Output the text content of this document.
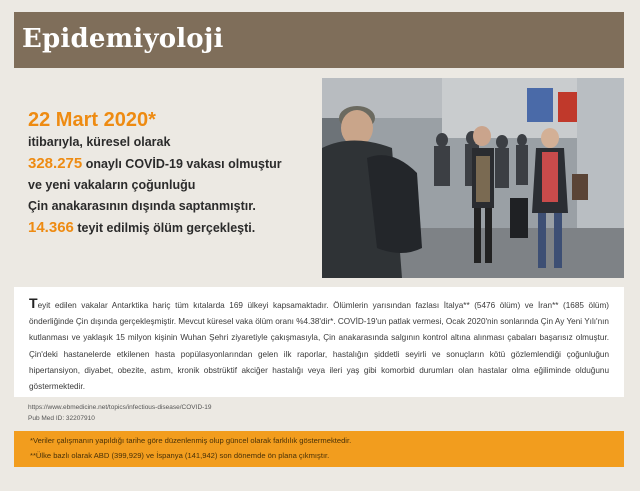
Epidemiyoloji
22 Mart 2020*
itibarıyla, küresel olarak
328.275 onaylı COVİD-19 vakası olmuştur
ve yeni vakaların çoğunluğu
Çin anakarasının dışında saptanmıştır.
14.366 teyit edilmiş ölüm gerçekleşti.

Teyit edilen vakalar Antarktika hariç tüm kıtalarda 169 ülkeyi kapsamaktadır. Ölümlerin yarısından fazlası İtalya** (5476 ölüm) ve İran** (1685 ölüm) önderliğinde Çin dışında gerçekleşmiştir. Mevcut küresel vaka ölüm oranı %4.38'dir*. COVİD-19'un patlak vermesi, Ocak 2020'nin sonlarında Çin Ay Yeni Yılı'nın kutlanması ve yaklaşık 15 milyon kişinin Wuhan Şehri ziyaretiyle çakışmasıyla, Çin anakarasında salgının kontrol altına alınması çabaları başarısız olmuştur. Çin'deki hastanelerde etkilenen hasta popülasyonlarından gelen ilk raporlar, hastalığın şiddetli seyirli ve sonuçların kötü gözlemlendiği çoğunluğun hipertansiyon, diyabet, obezite, astım, kronik obstrüktif akciğer hastalığı veya ileri yaş gibi komorbid durumları olan hastalar olma eğiliminde olduğunu göstermektedir.

https://www.ebmedicine.net/topics/infectious-disease/COVID-19
Pub Med ID: 32207910
*Veriler çalışmanın yapıldığı tarihe göre düzenlenmiş olup güncel olarak farklılık göstermektedir.
**Ülke bazlı olarak ABD (399,929) ve İspanya (141,942) son dönemde ön plana çıkmıştır.
